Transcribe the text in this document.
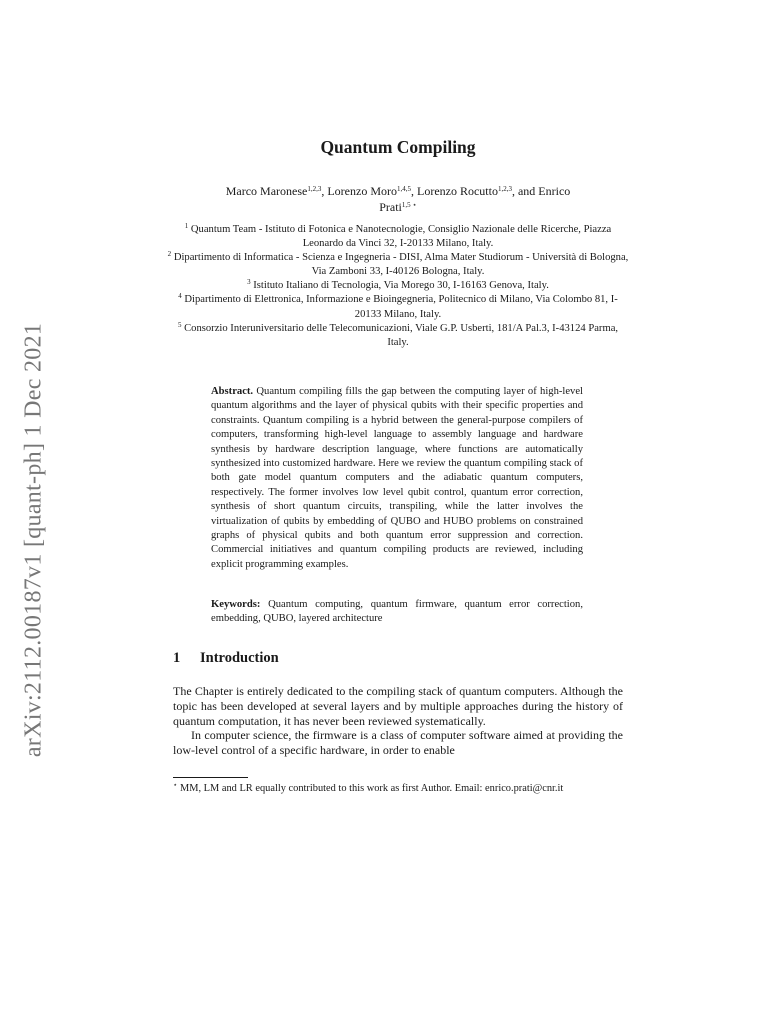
arXiv:2112.00187v1 [quant-ph] 1 Dec 2021
Quantum Compiling

Marco Maronese$^{1,2,3}$, Lorenzo Moro$^{1,4,5}$, Lorenzo Rocutto$^{1,2,3}$, and Enrico
Prati$^{1,5 ⋆}$

$^1$ Quantum Team - Istituto di Fotonica e Nanotecnologie, Consiglio Nazionale delle Ricerche, Piazza Leonardo da Vinci 32, I-20133 Milano, Italy.

$^2$ Dipartimento di Informatica - Scienza e Ingegneria - DISI, Alma Mater Studiorum - Università di Bologna, Via Zamboni 33, I-40126 Bologna, Italy.

$^3$ Istituto Italiano di Tecnologia, Via Morego 30, I-16163 Genova, Italy.

$^4$ Dipartimento di Elettronica, Informazione e Bioingegneria, Politecnico di Milano, Via Colombo 81, I-20133 Milano, Italy.

$^5$ Consorzio Interuniversitario delle Telecomunicazioni, Viale G.P. Usberti, 181/A Pal.3, I-43124 Parma, Italy.

Abstract. Quantum compiling fills the gap between the computing layer of high-level quantum algorithms and the layer of physical qubits with their specific properties and constraints. Quantum compiling is a hybrid between the general-purpose compilers of computers, transforming high-level language to assembly language and hardware synthesis by hardware description language, where functions are automatically synthesized into customized hardware. Here we review the quantum compiling stack of both gate model quantum computers and the adiabatic quantum computers, respectively. The former involves low level qubit control, quantum error correction, synthesis of short quantum circuits, transpiling, while the latter involves the virtualization of qubits by embedding of QUBO and HUBO problems on constrained graphs of physical qubits and both quantum error suppression and correction. Commercial initiatives and quantum compiling products are reviewed, including explicit programming examples.

Keywords: Quantum computing, quantum firmware, quantum error correction, embedding, QUBO, layered architecture

1 Introduction

The Chapter is entirely dedicated to the compiling stack of quantum computers. Although the topic has been developed at several layers and by multiple approaches during the history of quantum computation, it has never been reviewed systematically.

In computer science, the firmware is a class of computer software aimed at providing the low-level control of a specific hardware, in order to enable

⋆ MM, LM and LR equally contributed to this work as first Author. Email: enrico.prati@cnr.it
